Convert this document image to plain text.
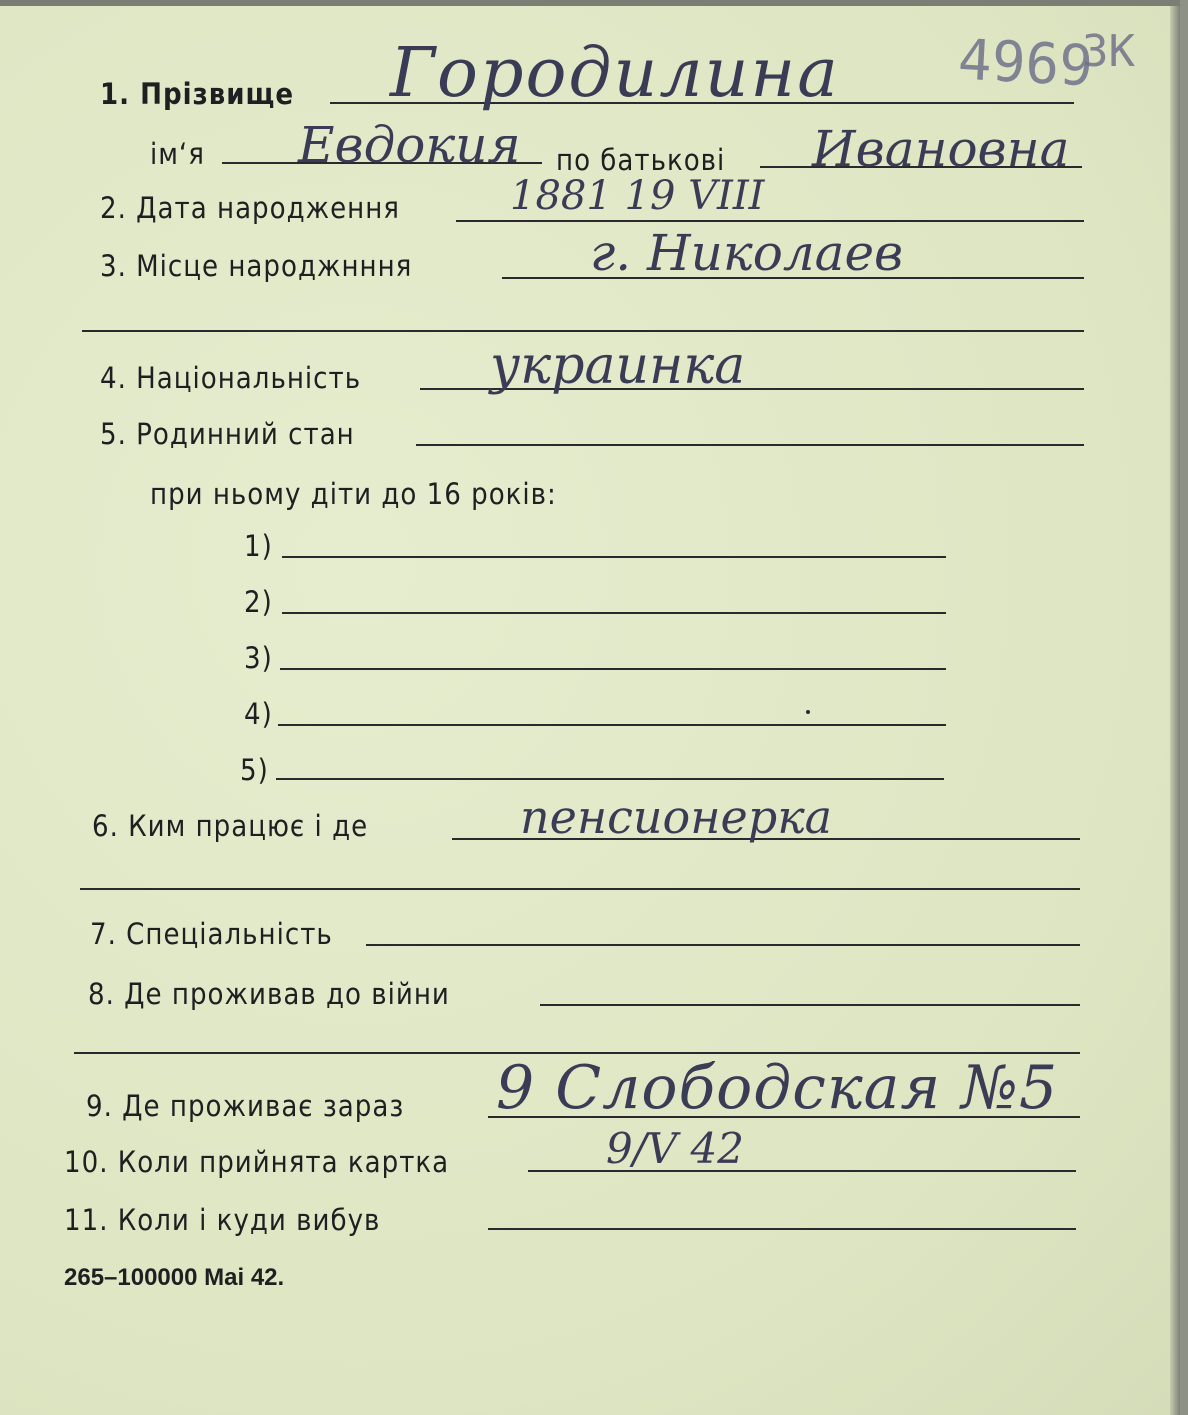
4969
ЗК
1. Прізвище Городилина
ім‘я Евдокия по батькові Ивановна
2. Дата народження	1881 19 VIII
3. Місце народжнння	г. Николаев
4. Національність украинка
5. Родинний стан
при ньому діти до 16 років:
1)
2)
3)
4)
5)
6. Ким працює і де	пенсионерка
7. Спеціальність
8. Де проживав до війни
9. Де проживає зараз 9 Слободская №5
10. Коли прийнята картка	9/V 42
11. Коли і куди вибув
265–100000 Mai 42.
